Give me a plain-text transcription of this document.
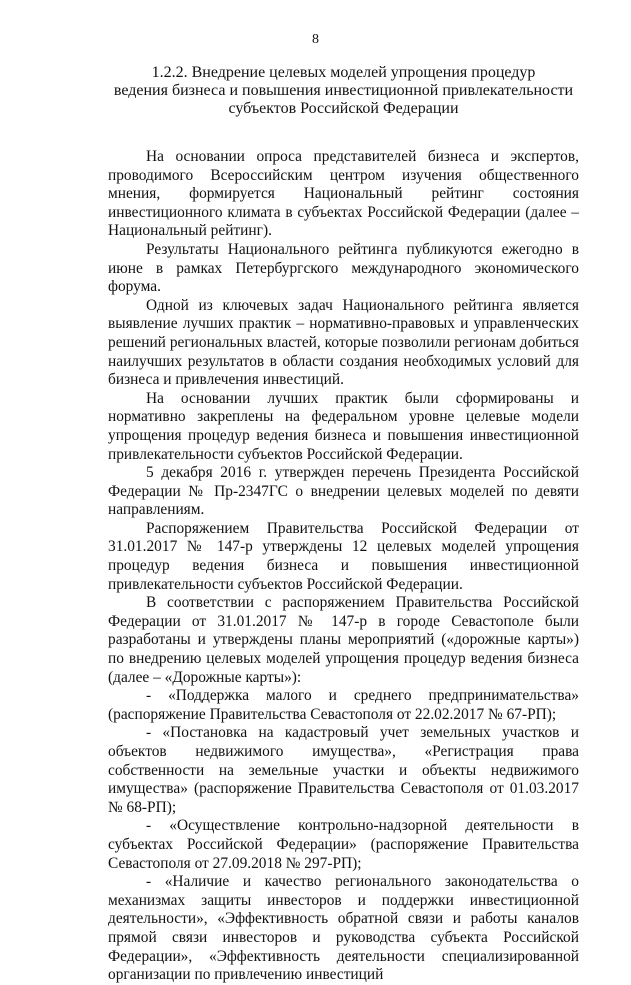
8
1.2.2. Внедрение целевых моделей упрощения процедур
ведения бизнеса и повышения инвестиционной привлекательности
субъектов Российской Федерации

На основании опроса представителей бизнеса и экспертов, проводимого Всероссийским центром изучения общественного мнения, формируется Национальный рейтинг состояния инвестиционного климата в субъектах Российской Федерации (далее – Национальный рейтинг).

Результаты Национального рейтинга публикуются ежегодно в июне в рамках Петербургского международного экономического форума.

Одной из ключевых задач Национального рейтинга является выявление лучших практик – нормативно-правовых и управленческих решений региональных властей, которые позволили регионам добиться наилучших результатов в области создания необходимых условий для бизнеса и привлечения инвестиций.

На основании лучших практик были сформированы и нормативно закреплены на федеральном уровне целевые модели упрощения процедур ведения бизнеса и повышения инвестиционной привлекательности субъектов Российской Федерации.

5 декабря 2016 г. утвержден перечень Президента Российской Федерации № Пр-2347ГС о внедрении целевых моделей по девяти направлениям.

Распоряжением Правительства Российской Федерации от 31.01.2017 № 147-р утверждены 12 целевых моделей упрощения процедур ведения бизнеса и повышения инвестиционной привлекательности субъектов Российской Федерации.

В соответствии с распоряжением Правительства Российской Федерации от 31.01.2017 № 147-р в городе Севастополе были разработаны и утверждены планы мероприятий («дорожные карты») по внедрению целевых моделей упрощения процедур ведения бизнеса (далее – «Дорожные карты»):

- «Поддержка малого и среднего предпринимательства» (распоряжение Правительства Севастополя от 22.02.2017 № 67-РП);

- «Постановка на кадастровый учет земельных участков и объектов недвижимого имущества», «Регистрация права собственности на земельные участки и объекты недвижимого имущества» (распоряжение Правительства Севастополя от 01.03.2017 № 68-РП);

- «Осуществление контрольно-надзорной деятельности в субъектах Российской Федерации» (распоряжение Правительства Севастополя от 27.09.2018 № 297-РП);

- «Наличие и качество регионального законодательства о механизмах защиты инвесторов и поддержки инвестиционной деятельности», «Эффективность обратной связи и работы каналов прямой связи инвесторов и руководства субъекта Российской Федерации», «Эффективность деятельности специализированной организации по привлечению инвестиций
